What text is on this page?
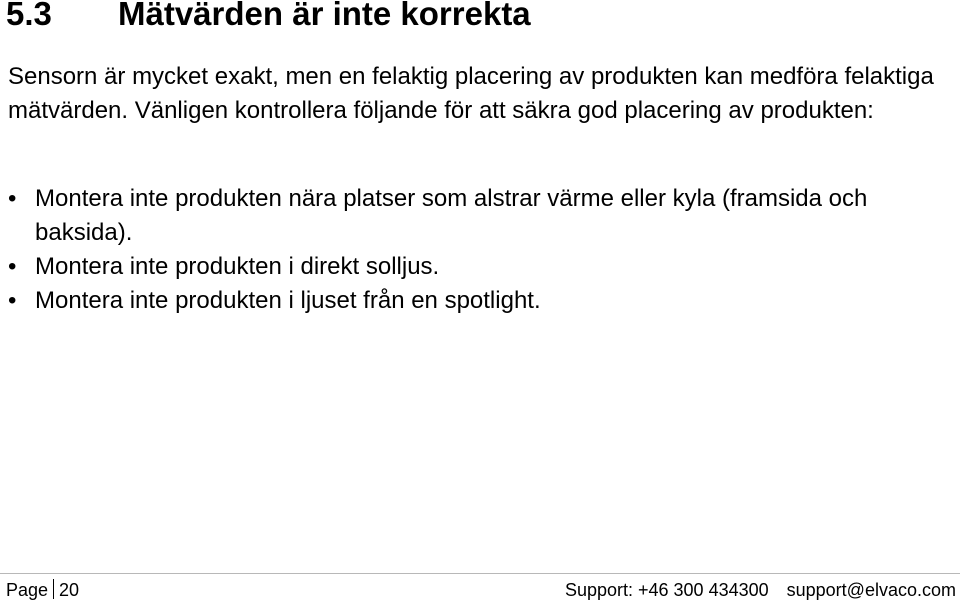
5.3 Mätvärden är inte korrekta

Sensorn är mycket exakt, men en felaktig placering av produkten kan medföra felaktiga mätvärden. Vänligen kontrollera följande för att säkra god placering av produkten:

• Montera inte produkten nära platser som alstrar värme eller kyla (framsida och baksida).
• Montera inte produkten i direkt solljus.
• Montera inte produkten i ljuset från en spotlight.
Page 20	Support: +46 300 434300 support@elvaco.com
